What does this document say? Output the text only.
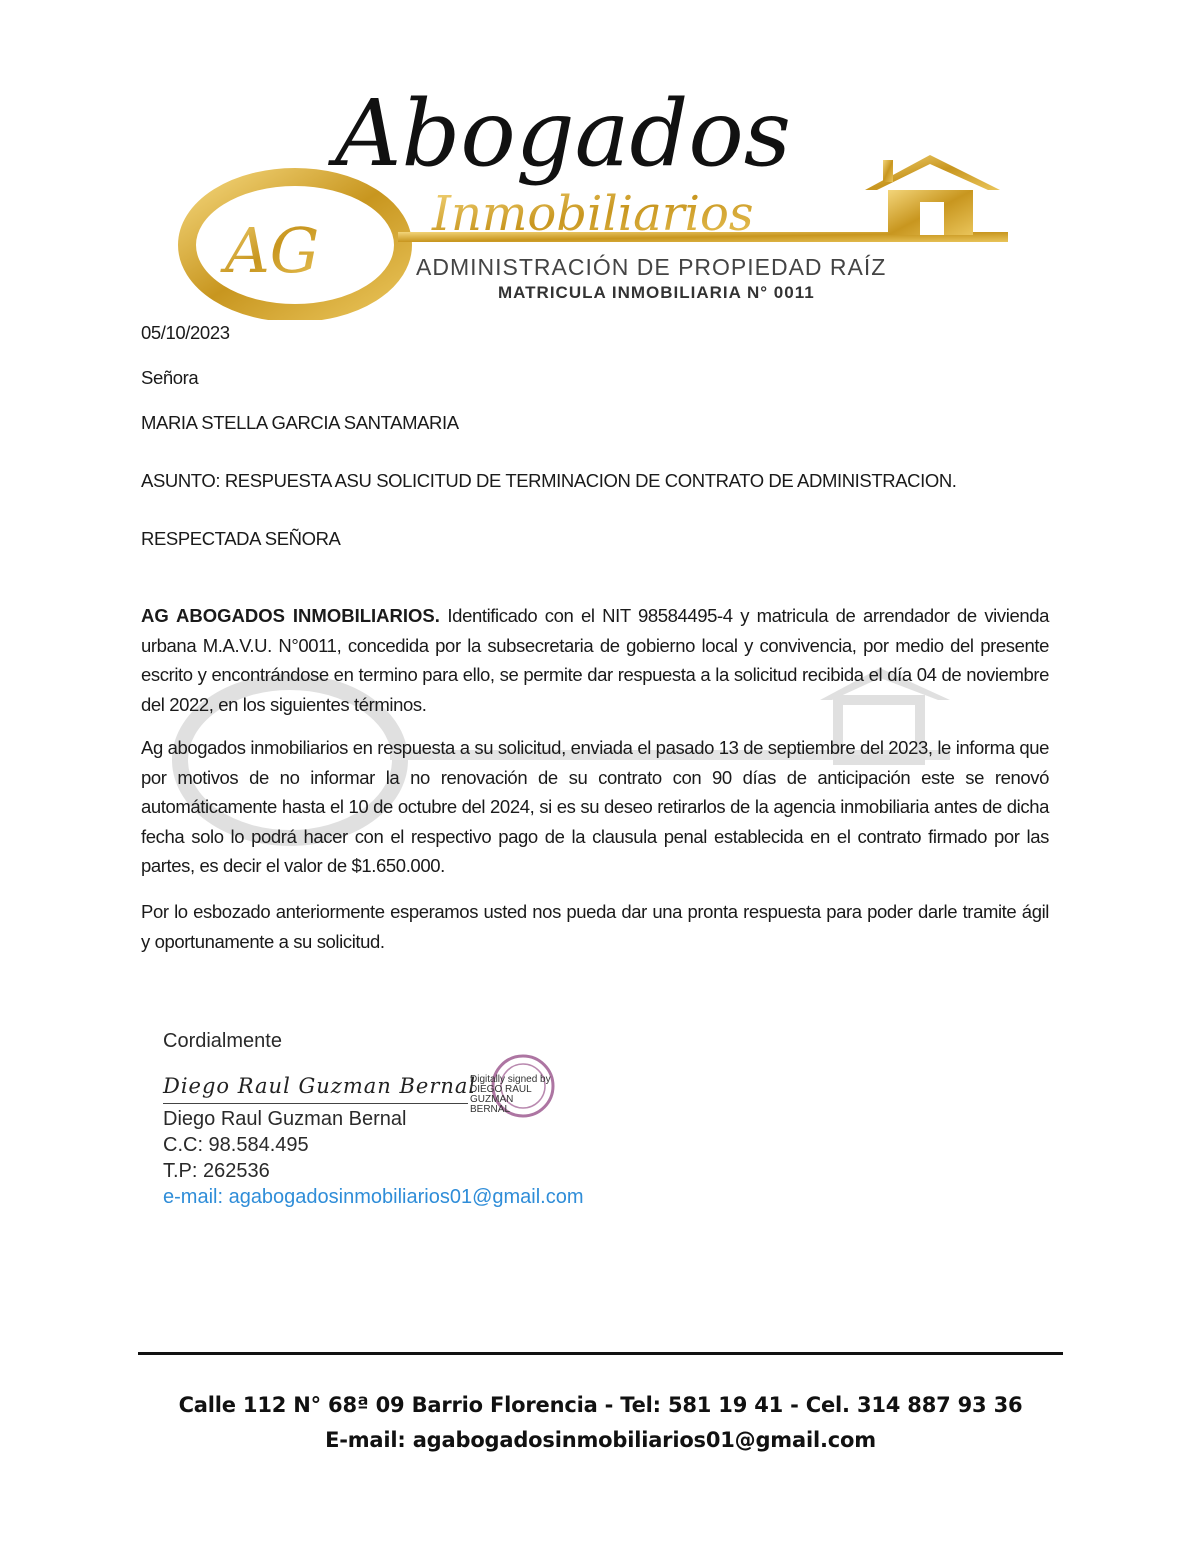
Abogados
Inmobiliarios
AG	ADMINISTRACIÓN DE PROPIEDAD RAÍZ
MATRICULA INMOBILIARIA N° 0011
05/10/2023
Señora
MARIA STELLA GARCIA SANTAMARIA
ASUNTO: RESPUESTA ASU SOLICITUD DE TERMINACION DE CONTRATO DE ADMINISTRACION.
RESPECTADA SEÑORA
AG ABOGADOS INMOBILIARIOS. Identificado con el NIT 98584495-4 y matricula de arrendador de vivienda urbana M.A.V.U. N°0011, concedida por la subsecretaria de gobierno local y convivencia, por medio del presente escrito y encontrándose en termino para ello, se permite dar respuesta a la solicitud recibida el día 04 de noviembre del 2022, en los siguientes términos.
Ag abogados inmobiliarios en respuesta a su solicitud, enviada el pasado 13 de septiembre del 2023, le informa que por motivos de no informar la no renovación de su contrato con 90 días de anticipación este se renovó automáticamente hasta el 10 de octubre del 2024, si es su deseo retirarlos de la agencia inmobiliaria antes de dicha fecha solo lo podrá hacer con el respectivo pago de la clausula penal establecida en el contrato firmado por las partes, es decir el valor de $1.650.000.
Por lo esbozado anteriormente esperamos usted nos pueda dar una pronta respuesta para poder darle tramite ágil y oportunamente a su solicitud.
Cordialmente
Diego Raul Guzman Bernal
Digitally signed by
DIEGO RAUL
GUZMAN
BERNAL
Diego Raul Guzman Bernal
C.C: 98.584.495
T.P: 262536
e-mail: agabogadosinmobiliarios01@gmail.com
Calle 112 N° 68ª 09 Barrio Florencia - Tel: 581 19 41 - Cel. 314 887 93 36
E-mail: agabogadosinmobiliarios01@gmail.com
